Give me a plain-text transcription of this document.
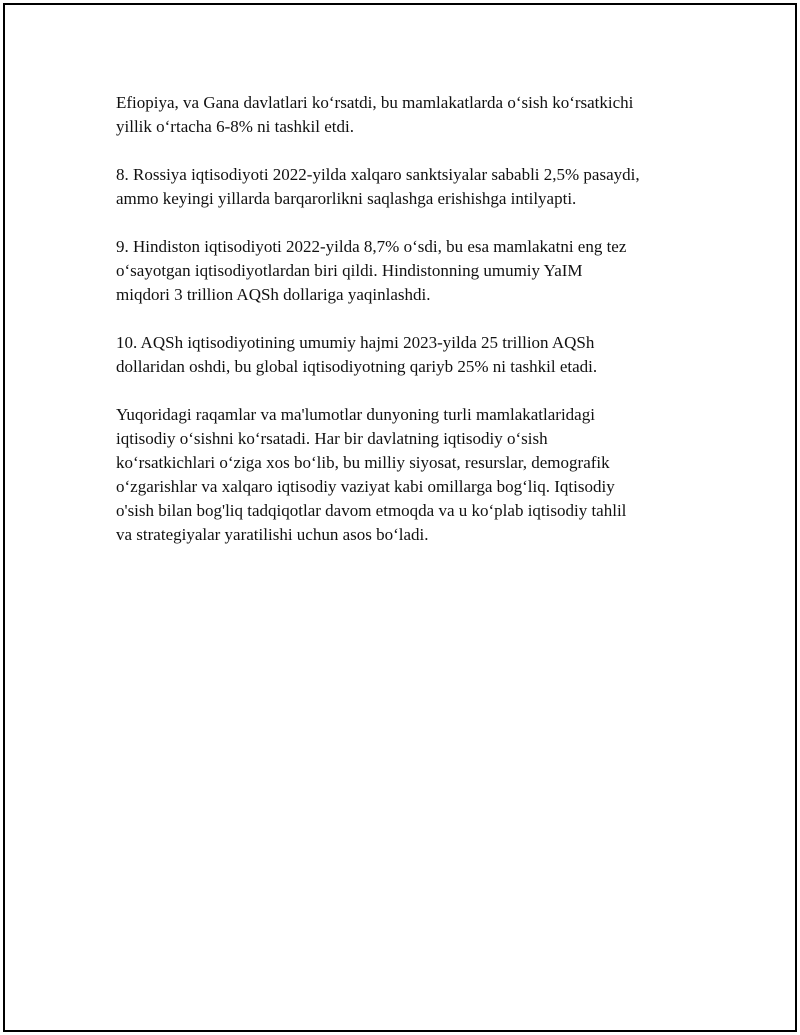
Efiopiya, va Gana davlatlari koʻrsatdi, bu mamlakatlarda oʻsish koʻrsatkichi
yillik oʻrtacha 6-8% ni tashkil etdi.

8. Rossiya iqtisodiyoti 2022-yilda xalqaro sanktsiyalar sababli 2,5% pasaydi,
ammo keyingi yillarda barqarorlikni saqlashga erishishga intilyapti.

9. Hindiston iqtisodiyoti 2022-yilda 8,7% oʻsdi, bu esa mamlakatni eng tez
oʻsayotgan iqtisodiyotlardan biri qildi. Hindistonning umumiy YaIM
miqdori 3 trillion AQSh dollariga yaqinlashdi.

10. AQSh iqtisodiyotining umumiy hajmi 2023-yilda 25 trillion AQSh
dollaridan oshdi, bu global iqtisodiyotning qariyb 25% ni tashkil etadi.

Yuqoridagi raqamlar va ma'lumotlar dunyoning turli mamlakatlaridagi
iqtisodiy oʻsishni koʻrsatadi. Har bir davlatning iqtisodiy oʻsish
koʻrsatkichlari oʻziga xos boʻlib, bu milliy siyosat, resurslar, demografik
oʻzgarishlar va xalqaro iqtisodiy vaziyat kabi omillarga bogʻliq. Iqtisodiy
o'sish bilan bog'liq tadqiqotlar davom etmoqda va u koʻplab iqtisodiy tahlil
va strategiyalar yaratilishi uchun asos boʻladi.
